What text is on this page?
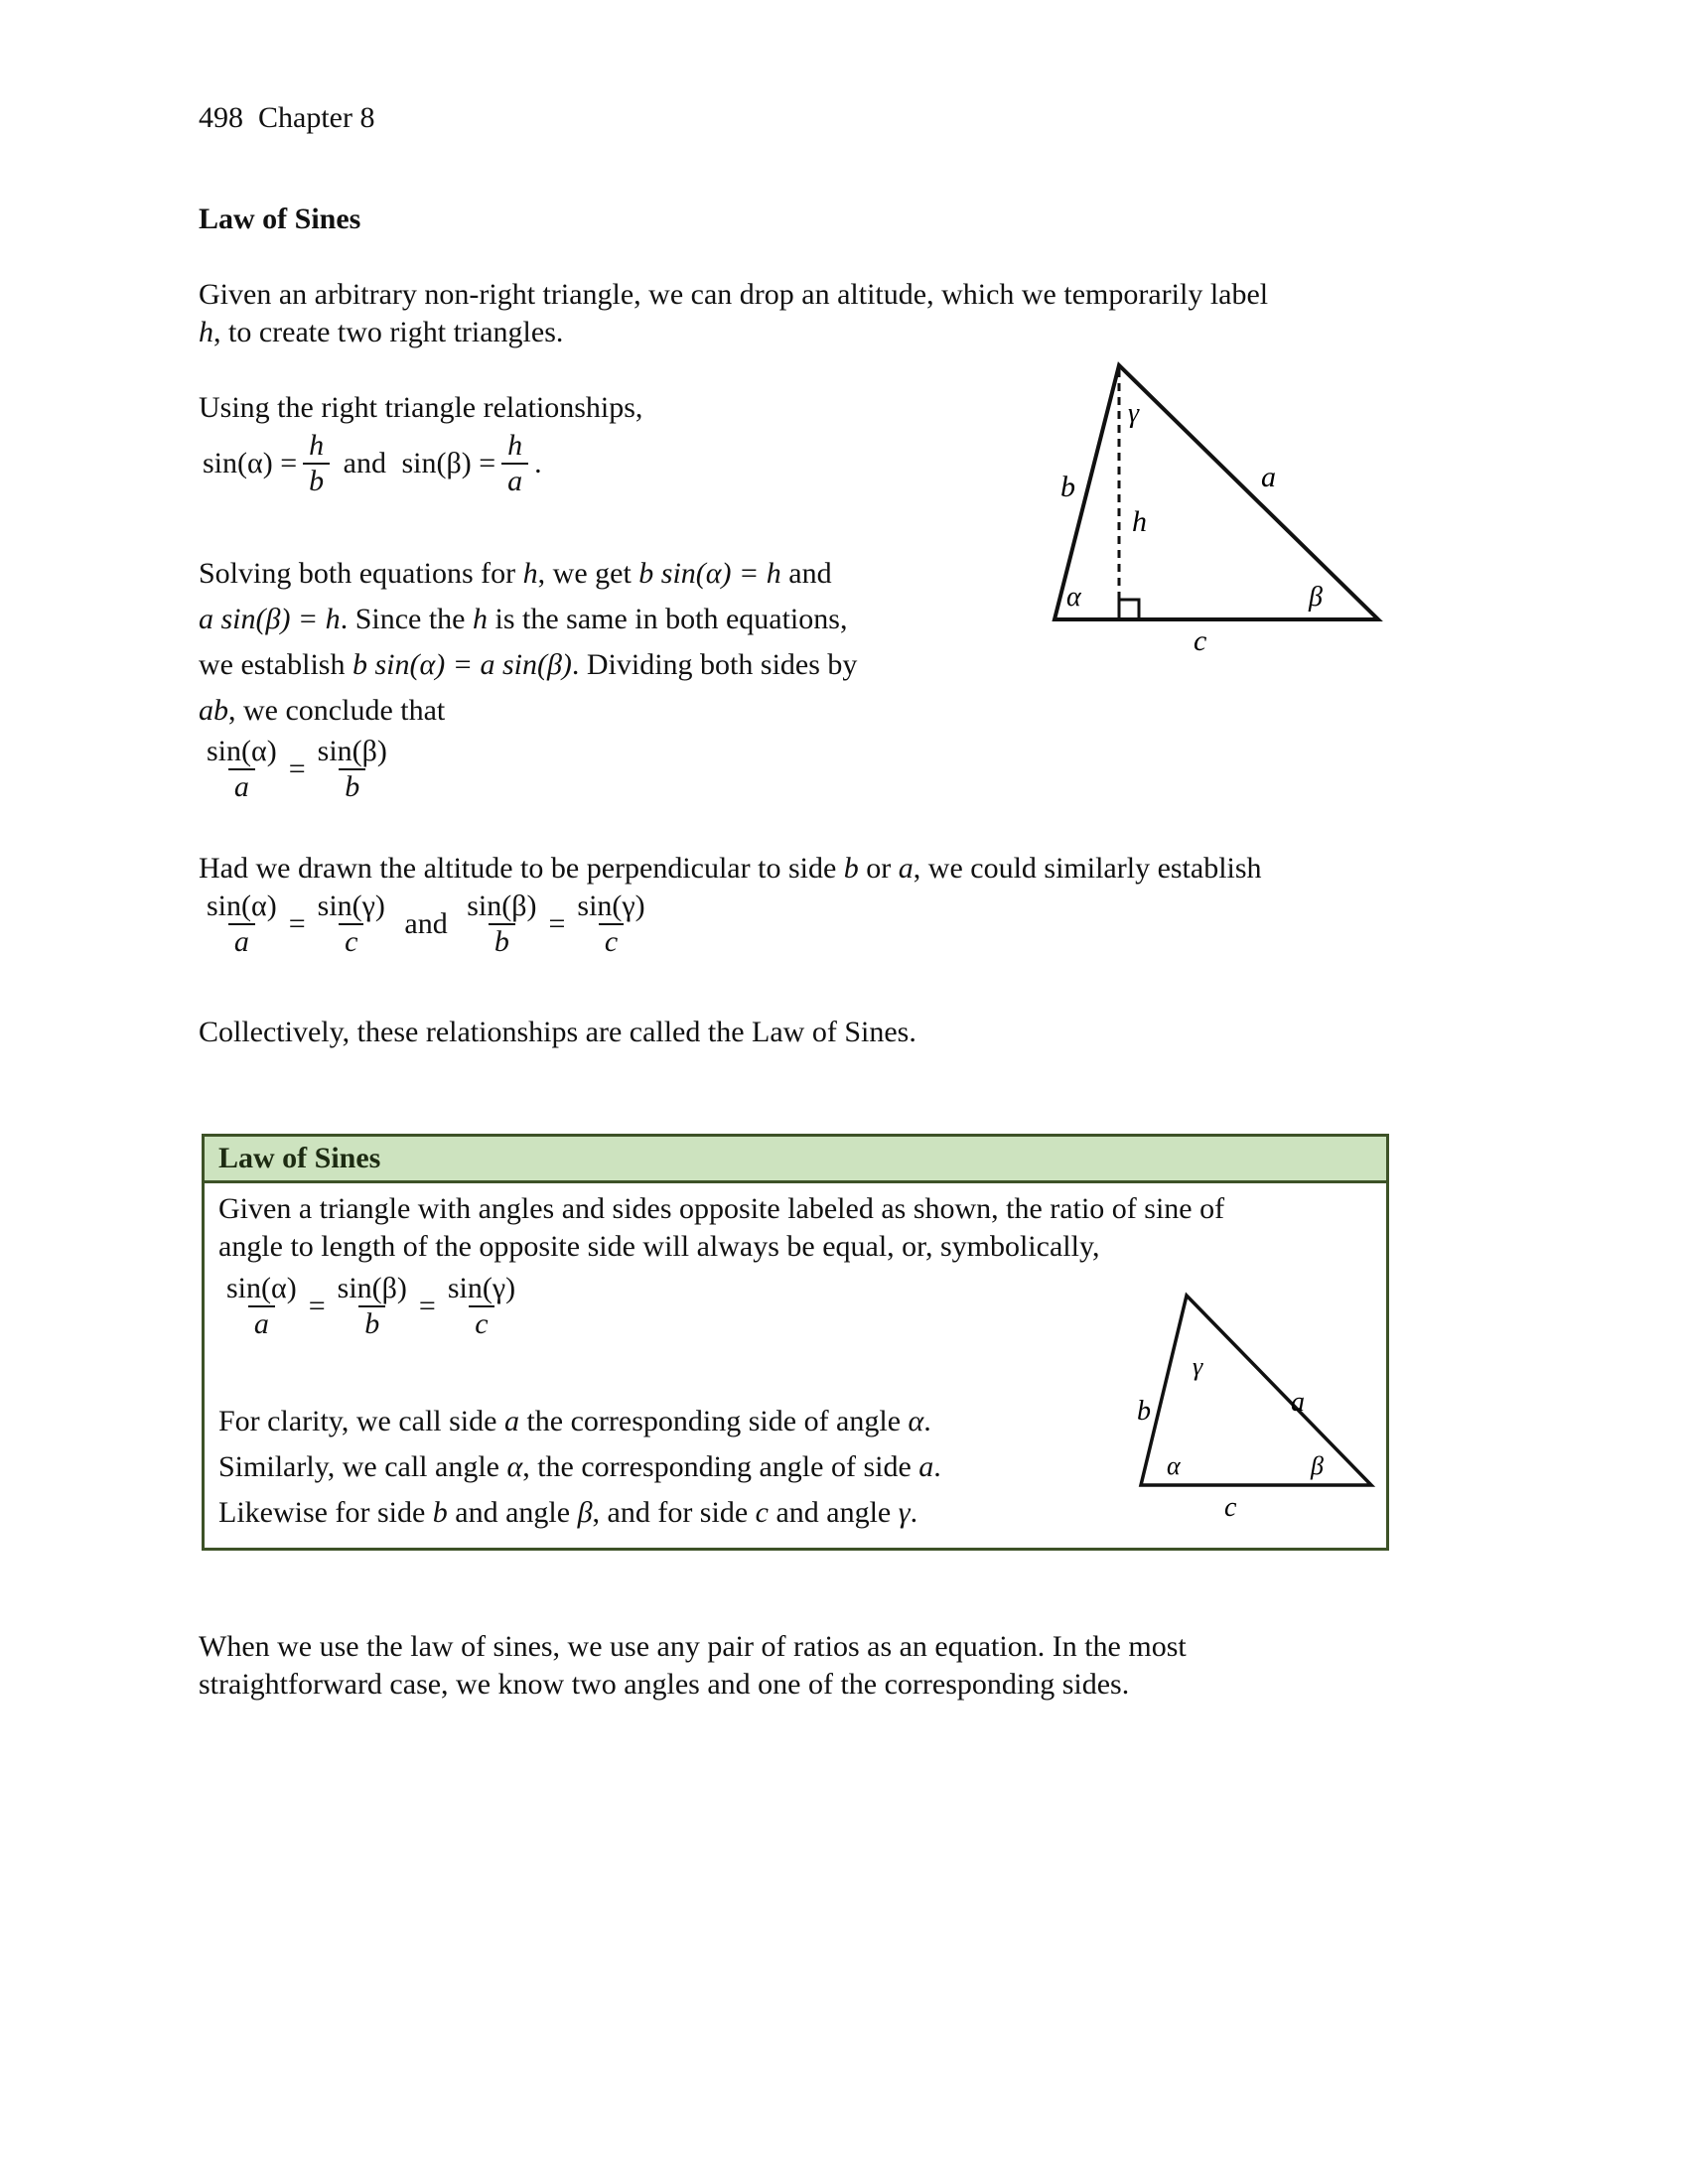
498 Chapter 8
Law of Sines
Given an arbitrary non-right triangle, we can drop an altitude, which we temporarily label
h, to create two right triangles.
Using the right triangle relationships,
$\sin(\alpha) = \frac{h}{b}$ and $\sin(\beta) = \frac{h}{a}$ .
Solving both equations for h, we get b sin(α) = h and
a sin(β) = h. Since the h is the same in both equations,
we establish b sin(α) = a sin(β). Dividing both sides by
ab, we conclude that
$\frac{\sin(\alpha)}{a} = \frac{\sin(\beta)}{b}$
γ
b	a
h
α	β
c
Had we drawn the altitude to be perpendicular to side b or a, we could similarly establish
$\frac{\sin(\alpha)}{a} = \frac{\sin(\gamma)}{c}$ and $\frac{\sin(\beta)}{b} = \frac{\sin(\gamma)}{c}$
Collectively, these relationships are called the Law of Sines.
Law of Sines
Given a triangle with angles and sides opposite labeled as shown, the ratio of sine of
angle to length of the opposite side will always be equal, or, symbolically,
$\frac{\sin(\alpha)}{a} = \frac{\sin(\beta)}{b} = \frac{\sin(\gamma)}{c}$
For clarity, we call side a the corresponding side of angle α.
Similarly, we call angle α, the corresponding angle of side a.
Likewise for side b and angle β, and for side c and angle γ.
γ
b	a
α	β
c
When we use the law of sines, we use any pair of ratios as an equation. In the most
straightforward case, we know two angles and one of the corresponding sides.
